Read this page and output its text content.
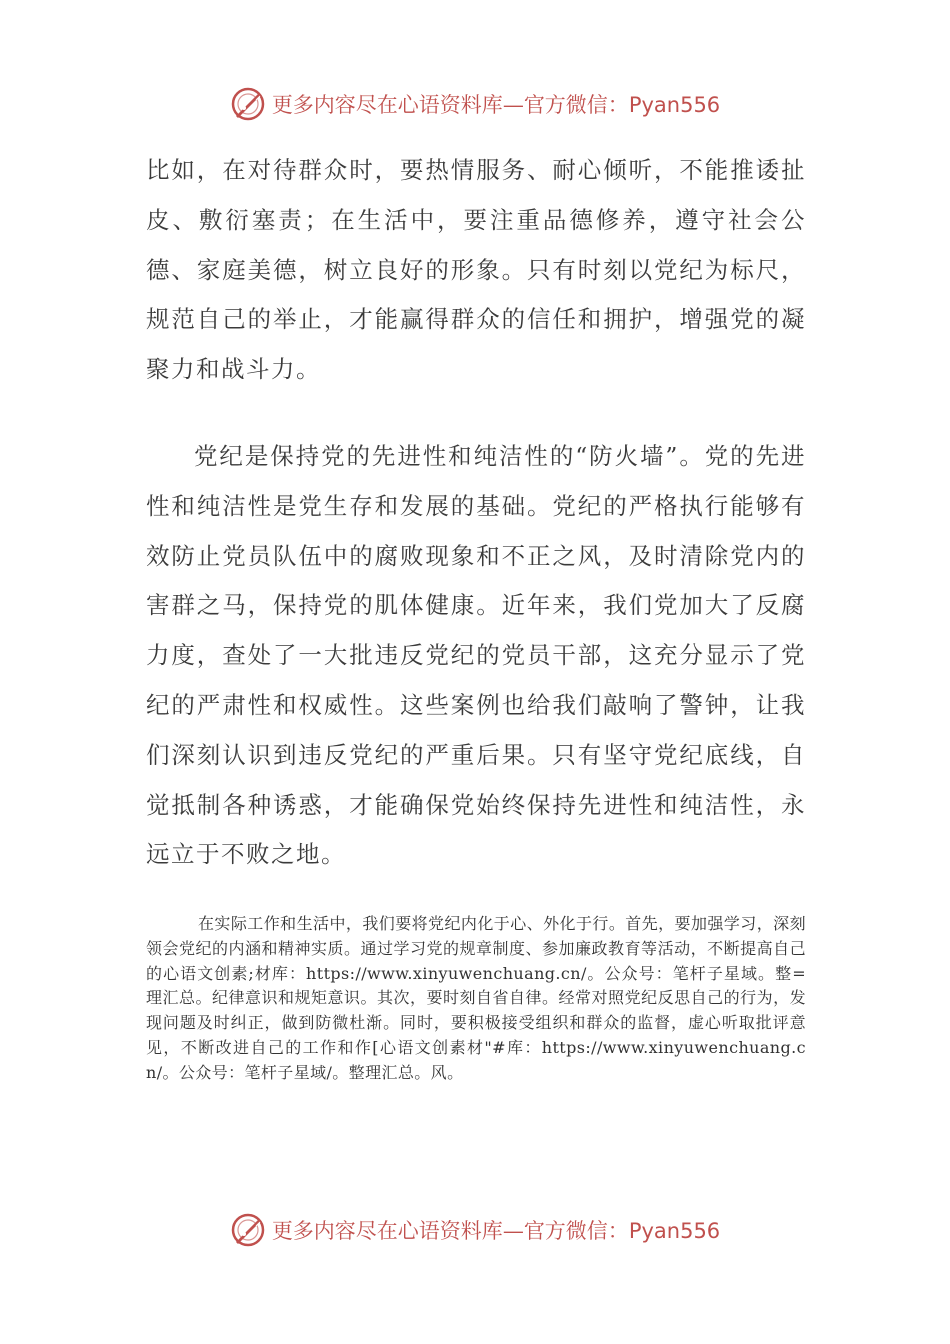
更多内容尽在心语资料库—官方微信：Pyan556

比如，在对待群众时，要热情服务、耐心倾听，不能推诿扯皮、敷衍塞责；在生活中，要注重品德修养，遵守社会公德、家庭美德，树立良好的形象。只有时刻以党纪为标尺，规范自己的举止，才能赢得群众的信任和拥护，增强党的凝聚力和战斗力。

党纪是保持党的先进性和纯洁性的“防火墙”。党的先进性和纯洁性是党生存和发展的基础。党纪的严格执行能够有效防止党员队伍中的腐败现象和不正之风，及时清除党内的害群之马，保持党的肌体健康。近年来，我们党加大了反腐力度，查处了一大批违反党纪的党员干部，这充分显示了党纪的严肃性和权威性。这些案例也给我们敲响了警钟，让我们深刻认识到违反党纪的严重后果。只有坚守党纪底线，自觉抵制各种诱惑，才能确保党始终保持先进性和纯洁性，永远立于不败之地。

在实际工作和生活中，我们要将党纪内化于心、外化于行。首先，要加强学习，深刻领会党纪的内涵和精神实质。通过学习党的规章制度、参加廉政教育等活动，不断提高自己的心语文创素;材库：https://www.xinyuwenchuang.cn/。公众号：笔杆子星域。整=理汇总。纪律意识和规矩意识。其次，要时刻自省自律。经常对照党纪反思自己的行为，发现问题及时纠正，做到防微杜渐。同时，要积极接受组织和群众的监督，虚心听取批评意见，不断改进自己的工作和作[心语文创素材"#库：https://www.xinyuwenchuang.cn/。公众号：笔杆子星域/。整理汇总。风。

更多内容尽在心语资料库—官方微信：Pyan556
